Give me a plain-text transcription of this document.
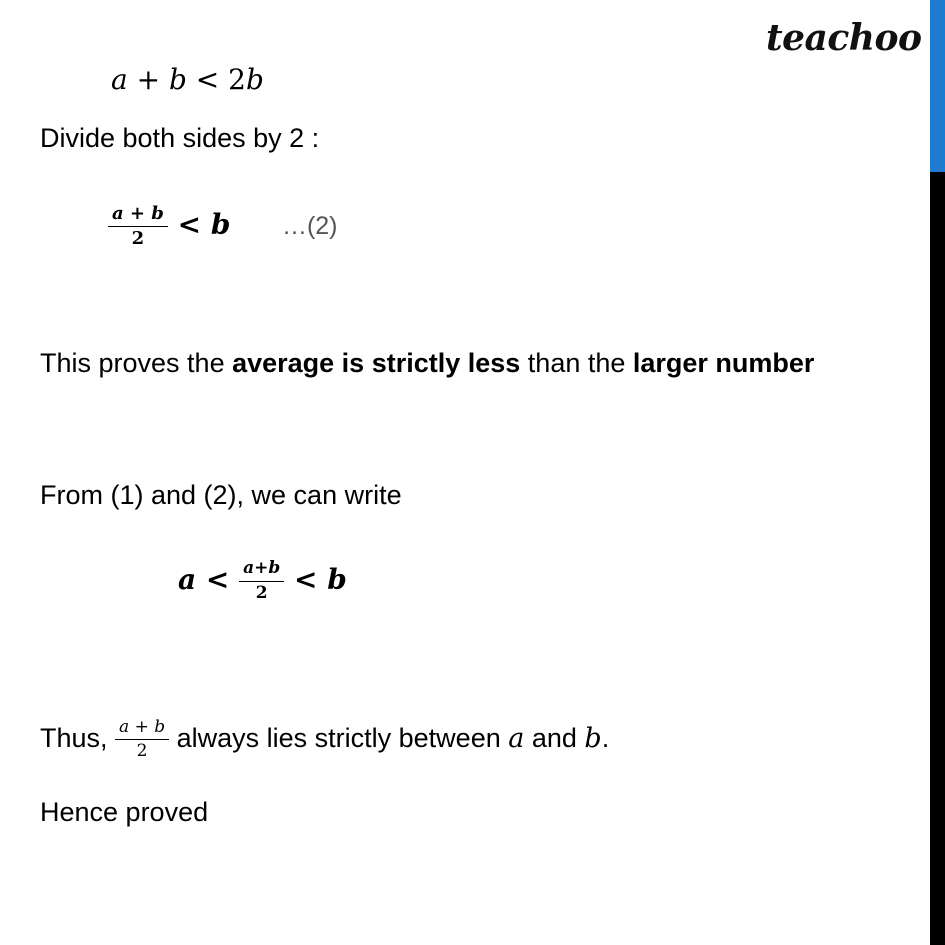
teachoo
a + b < 2b
Divide both sides by 2 :
$\frac{a + b}{2} < b$ …(2)
This proves the average is strictly less than the larger number
From (1) and (2), we can write
$a < \frac{a+b}{2} < b$
Thus, $\frac{a + b}{2}$ always lies strictly between a and b.
Hence proved
